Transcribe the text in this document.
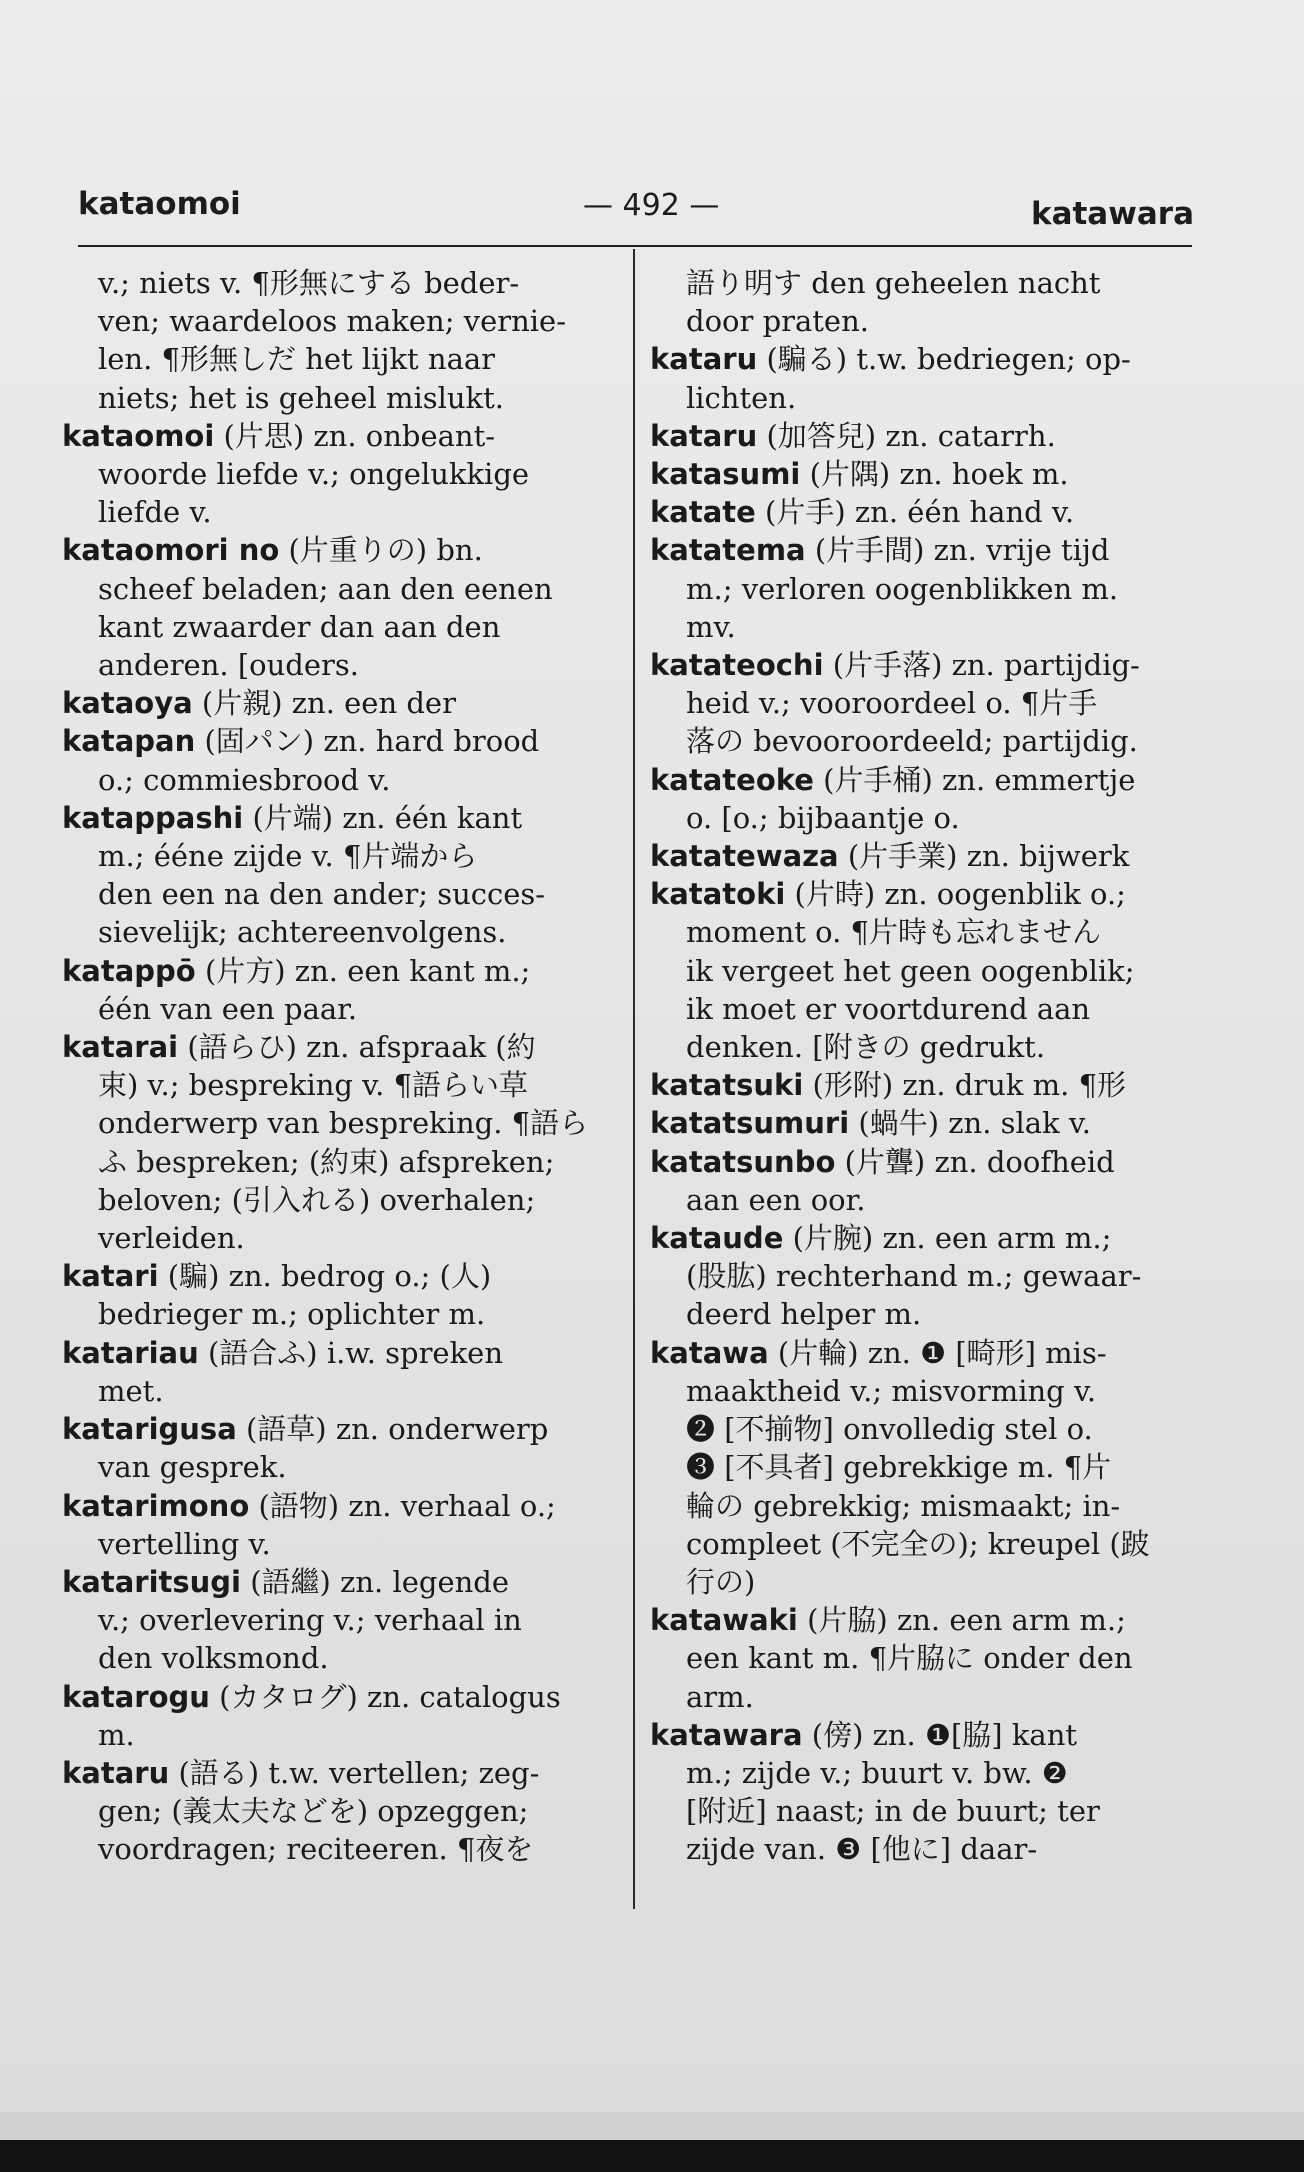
kataomoi	— 492 —	katawara
v.; niets v. ¶形無にする beder-
ven; waardeloos maken; vernie-
len. ¶形無しだ het lijkt naar
niets; het is geheel mislukt.
kataomoi (片思) zn. onbeant-
woorde liefde v.; ongelukkige
liefde v.
kataomori no (片重りの) bn.
scheef beladen; aan den eenen
kant zwaarder dan aan den
anderen. [ouders.
kataoya (片親) zn. een der
katapan (固パン) zn. hard brood
o.; commiesbrood v.
katappashi (片端) zn. één kant
m.; ééne zijde v. ¶片端から
den een na den ander; succes-
sievelijk; achtereenvolgens.
katappō (片方) zn. een kant m.;
één van een paar.
katarai (語らひ) zn. afspraak (約
束) v.; bespreking v. ¶語らい草
onderwerp van bespreking. ¶語ら
ふ bespreken; (約束) afspreken;
beloven; (引入れる) overhalen;
verleiden.
katari (騙) zn. bedrog o.; (人)
bedrieger m.; oplichter m.
katariau (語合ふ) i.w. spreken
met.
katarigusa (語草) zn. onderwerp
van gesprek.
katarimono (語物) zn. verhaal o.;
vertelling v.
kataritsugi (語繼) zn. legende
v.; overlevering v.; verhaal in
den volksmond.
katarogu (カタログ) zn. catalogus
m.
kataru (語る) t.w. vertellen; zeg-
gen; (義太夫などを) opzeggen;
voordragen; reciteeren. ¶夜を
語り明す den geheelen nacht
door praten.
kataru (騙る) t.w. bedriegen; op-
lichten.
kataru (加答兒) zn. catarrh.
katasumi (片隅) zn. hoek m.
katate (片手) zn. één hand v.
katatema (片手間) zn. vrije tijd
m.; verloren oogenblikken m.
mv.
katateochi (片手落) zn. partijdig-
heid v.; vooroordeel o. ¶片手
落の bevooroordeeld; partijdig.
katateoke (片手桶) zn. emmertje
o. [o.; bijbaantje o.
katatewaza (片手業) zn. bijwerk
katatoki (片時) zn. oogenblik o.;
moment o. ¶片時も忘れません
ik vergeet het geen oogenblik;
ik moet er voortdurend aan
denken. [附きの gedrukt.
katatsuki (形附) zn. druk m. ¶形
katatsumuri (蝸牛) zn. slak v.
katatsunbo (片聾) zn. doofheid
aan een oor.
kataude (片腕) zn. een arm m.;
(股肱) rechterhand m.; gewaar-
deerd helper m.
katawa (片輪) zn. ❶ [畸形] mis-
maaktheid v.; misvorming v.
❷ [不揃物] onvolledig stel o.
❸ [不具者] gebrekkige m. ¶片
輪の gebrekkig; mismaakt; in-
compleet (不完全の); kreupel (跛
行の)
katawaki (片脇) zn. een arm m.;
een kant m. ¶片脇に onder den
arm.
katawara (傍) zn. ❶[脇] kant
m.; zijde v.; buurt v. bw. ❷
[附近] naast; in de buurt; ter
zijde van. ❸ [他に] daar-
